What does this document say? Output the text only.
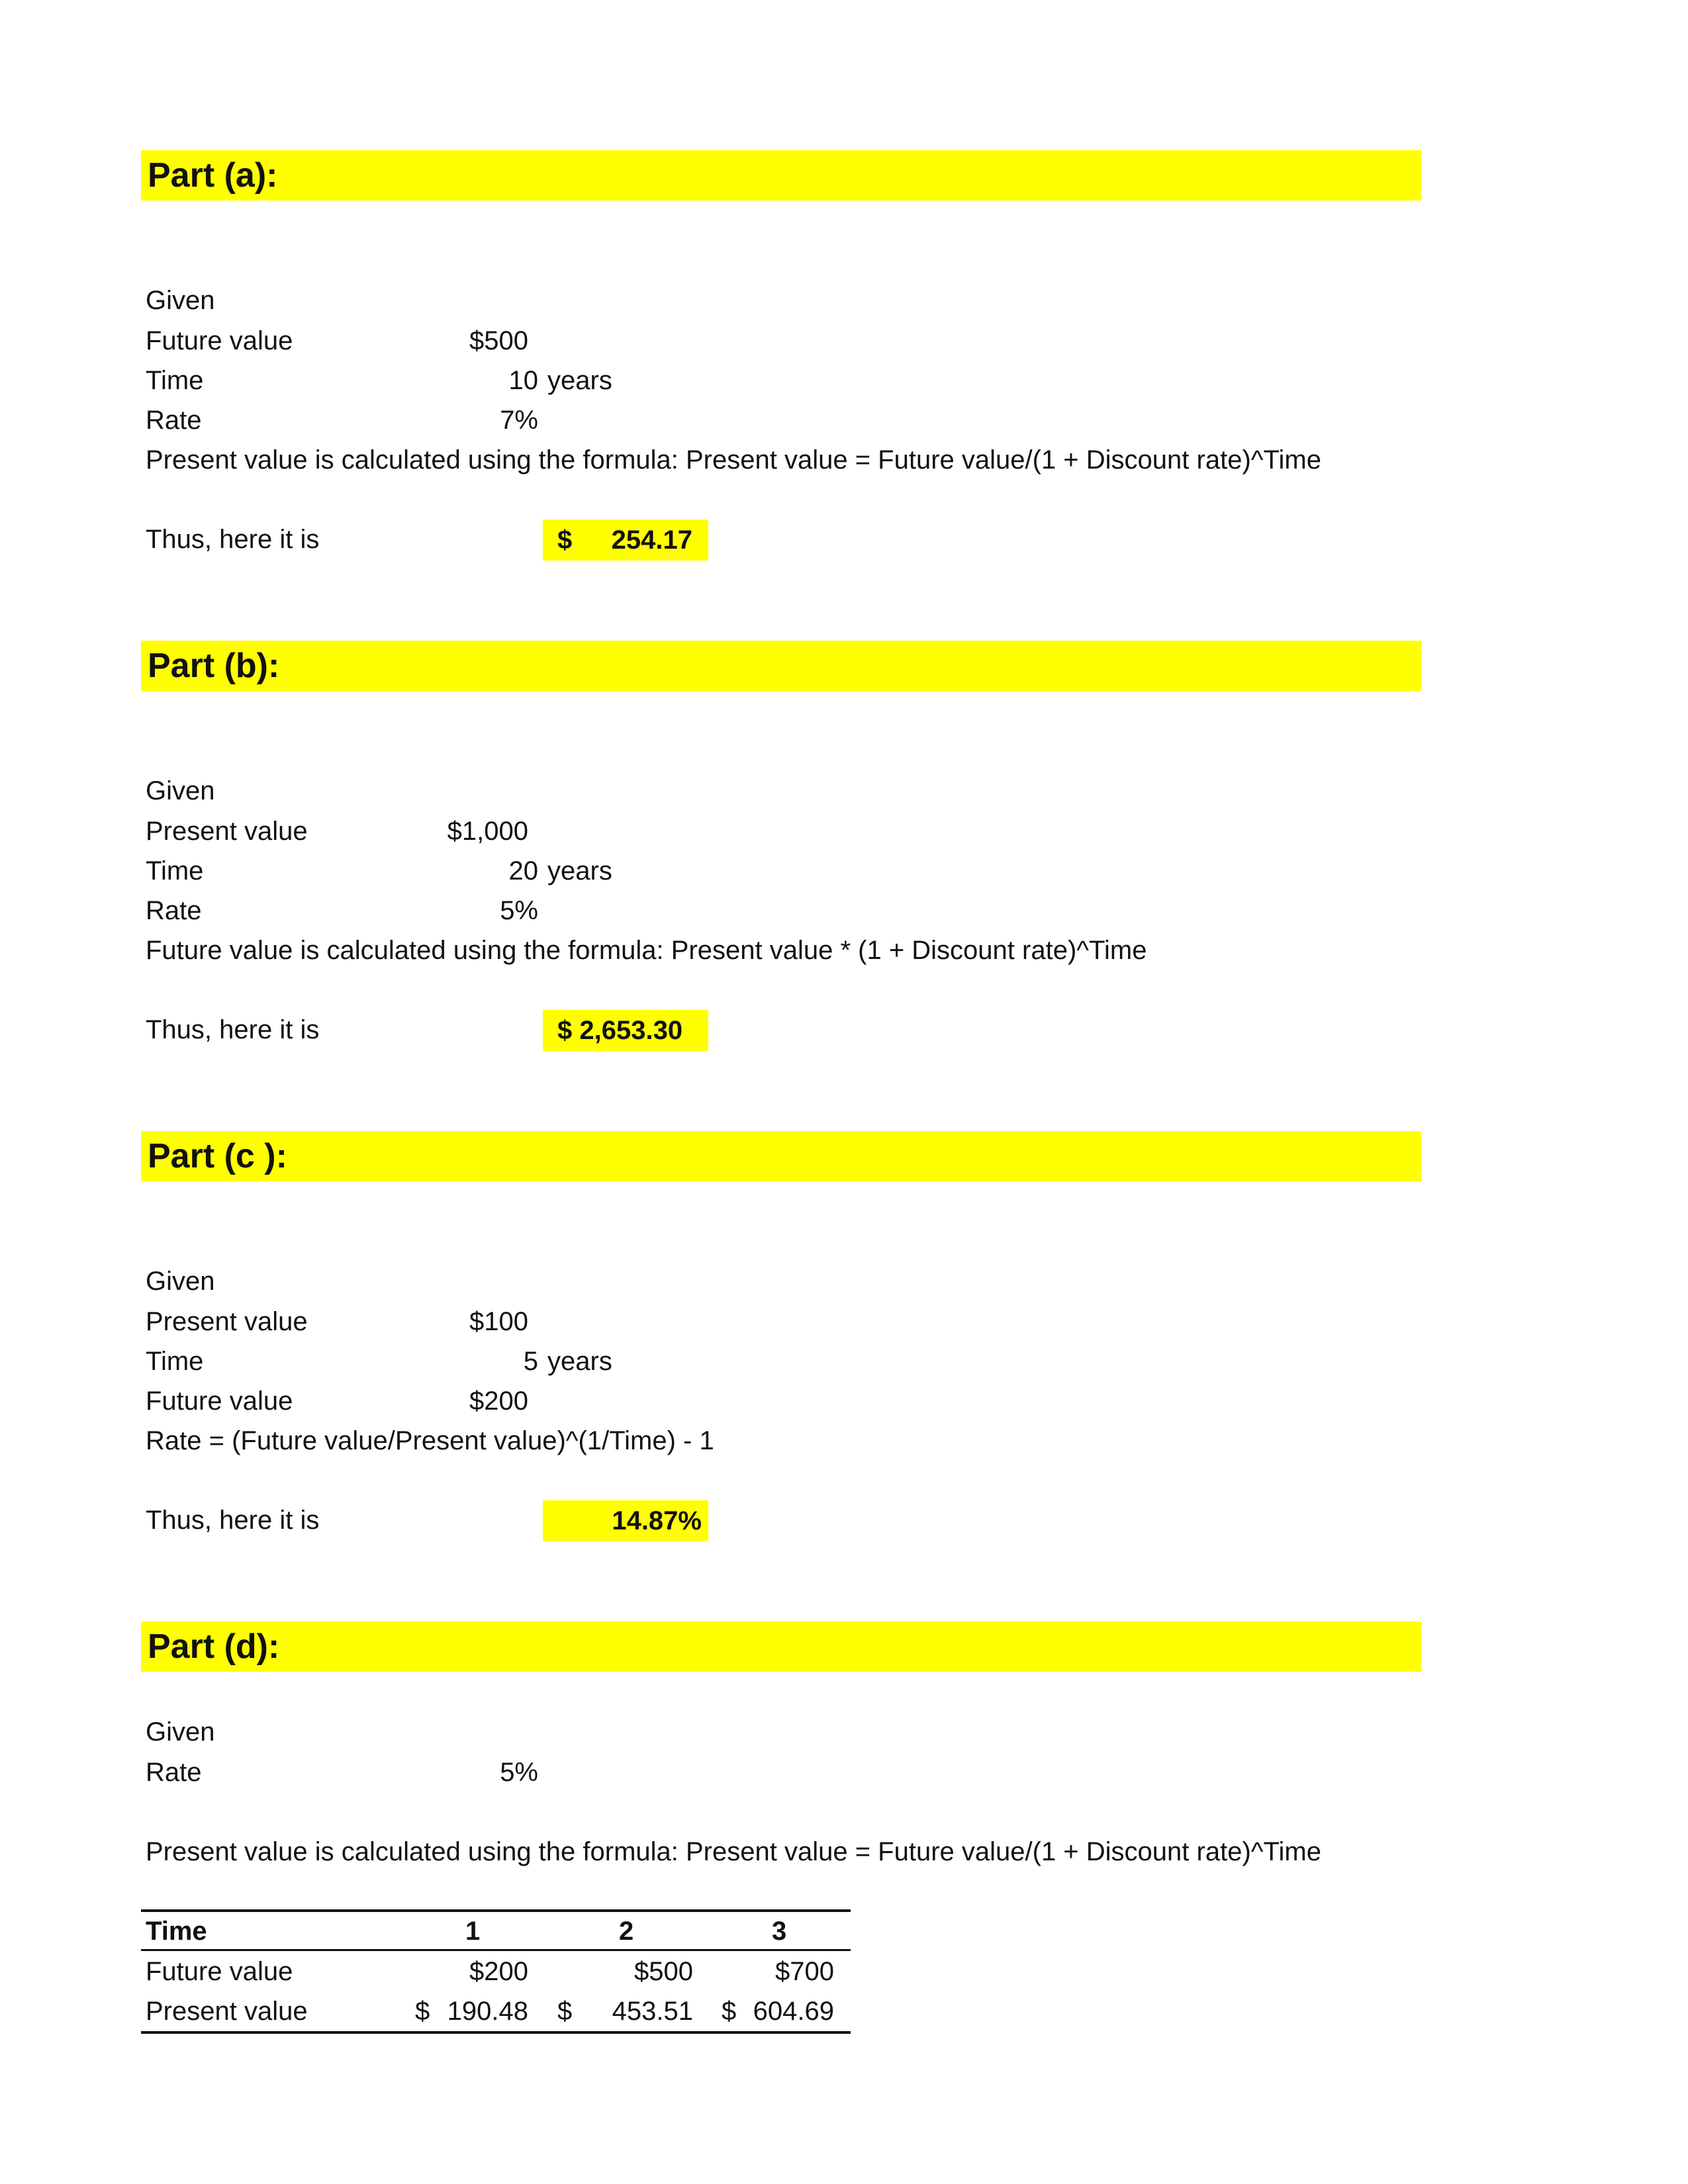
Part (a):
Given
Future value	$500
Time	10 years
Rate	7%
Present value is calculated using the formula: Present value = Future value/(1 + Discount rate)^Time
Thus, here it is	$ 254.17
Part (b):
Given
Present value	$1,000
Time	20 years
Rate	5%
Future value is calculated using the formula: Present value * (1 + Discount rate)^Time
Thus, here it is	$ 2,653.30
Part (c ):
Given
Present value	$100
Time	5 years
Future value	$200
Rate = (Future value/Present value)^(1/Time) - 1
Thus, here it is	14.87%
Part (d):
Given
Rate	5%
Present value is calculated using the formula: Present value = Future value/(1 + Discount rate)^Time
Time	1	2	3
Future value	$200	$500	$700
Present value	$ 190.48 $ 453.51 $ 604.69
